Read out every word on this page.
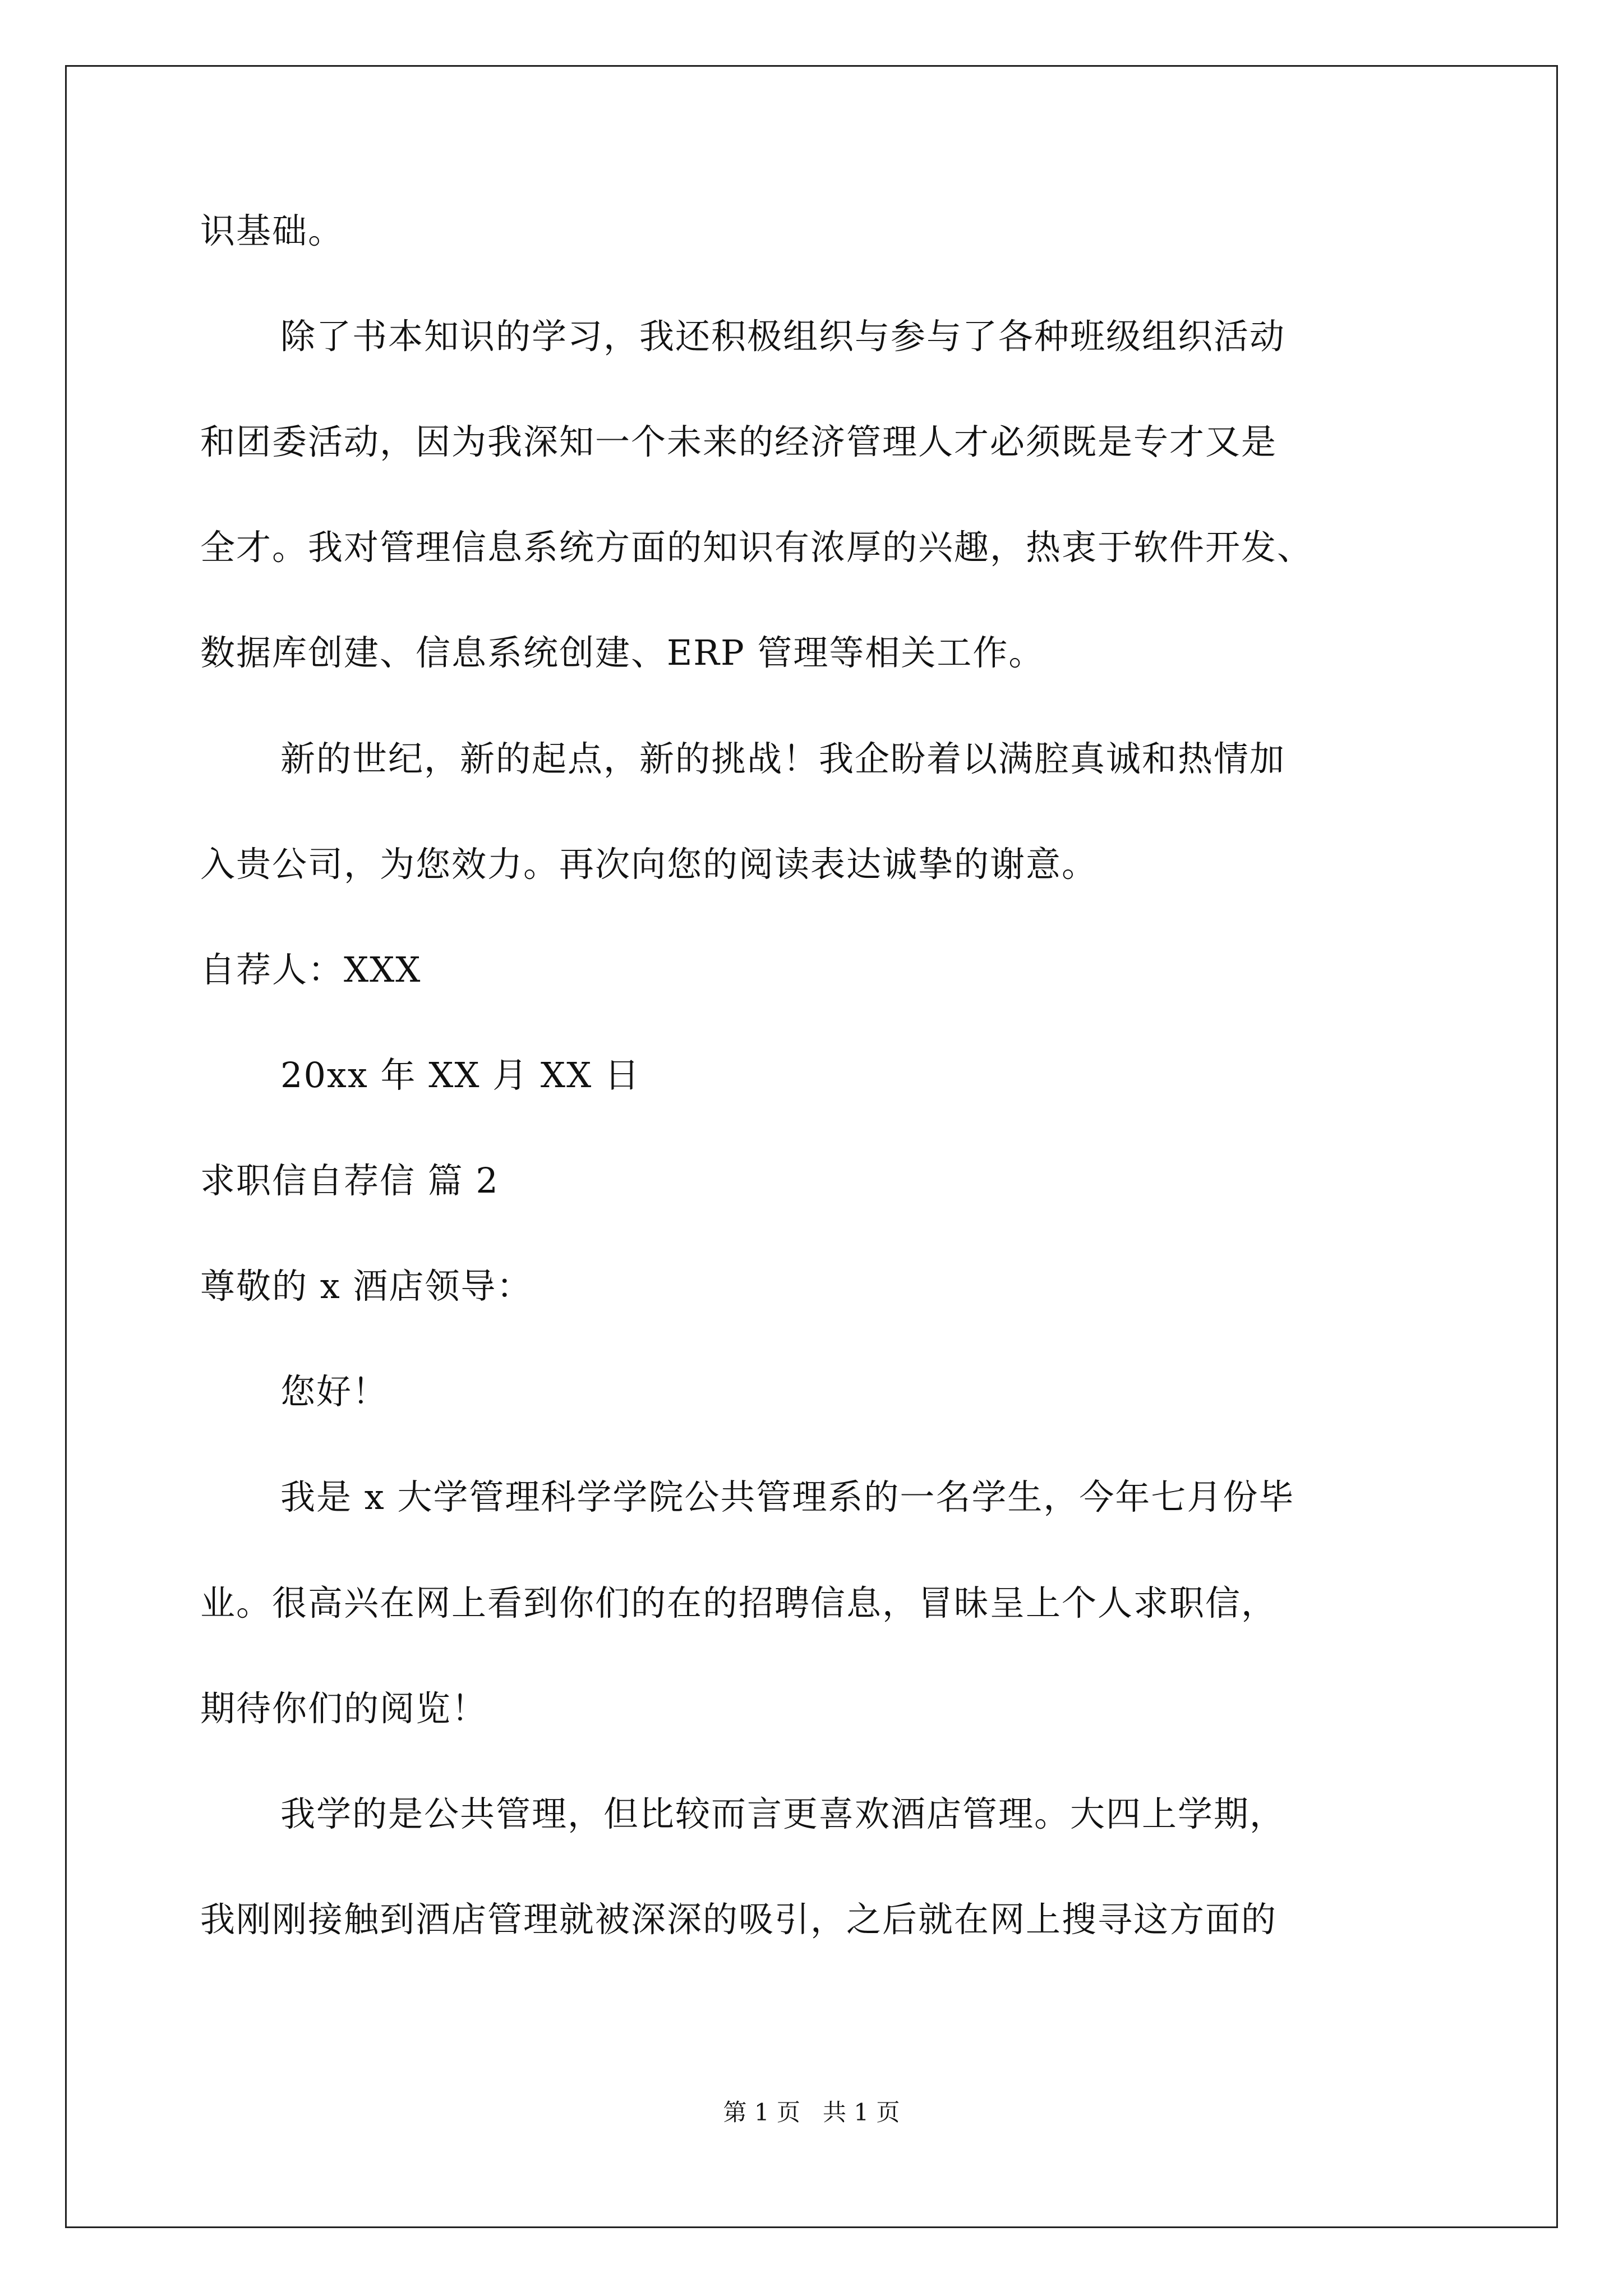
识基础。
除了书本知识的学习，我还积极组织与参与了各种班级组织活动
和团委活动，因为我深知一个未来的经济管理人才必须既是专才又是
全才。我对管理信息系统方面的知识有浓厚的兴趣，热衷于软件开发、
数据库创建、信息系统创建、ERP 管理等相关工作。
新的世纪，新的起点，新的挑战！我企盼着以满腔真诚和热情加
入贵公司，为您效力。再次向您的阅读表达诚挚的谢意。
自荐人：XXX
20xx 年 XX 月 XX 日
求职信自荐信 篇 2
尊敬的 x 酒店领导：
您好！
我是 x 大学管理科学学院公共管理系的一名学生，今年七月份毕
业。很高兴在网上看到你们的在的招聘信息，冒昧呈上个人求职信，
期待你们的阅览！
我学的是公共管理，但比较而言更喜欢酒店管理。大四上学期，
我刚刚接触到酒店管理就被深深的吸引，之后就在网上搜寻这方面的
第 1 页   共 1 页
